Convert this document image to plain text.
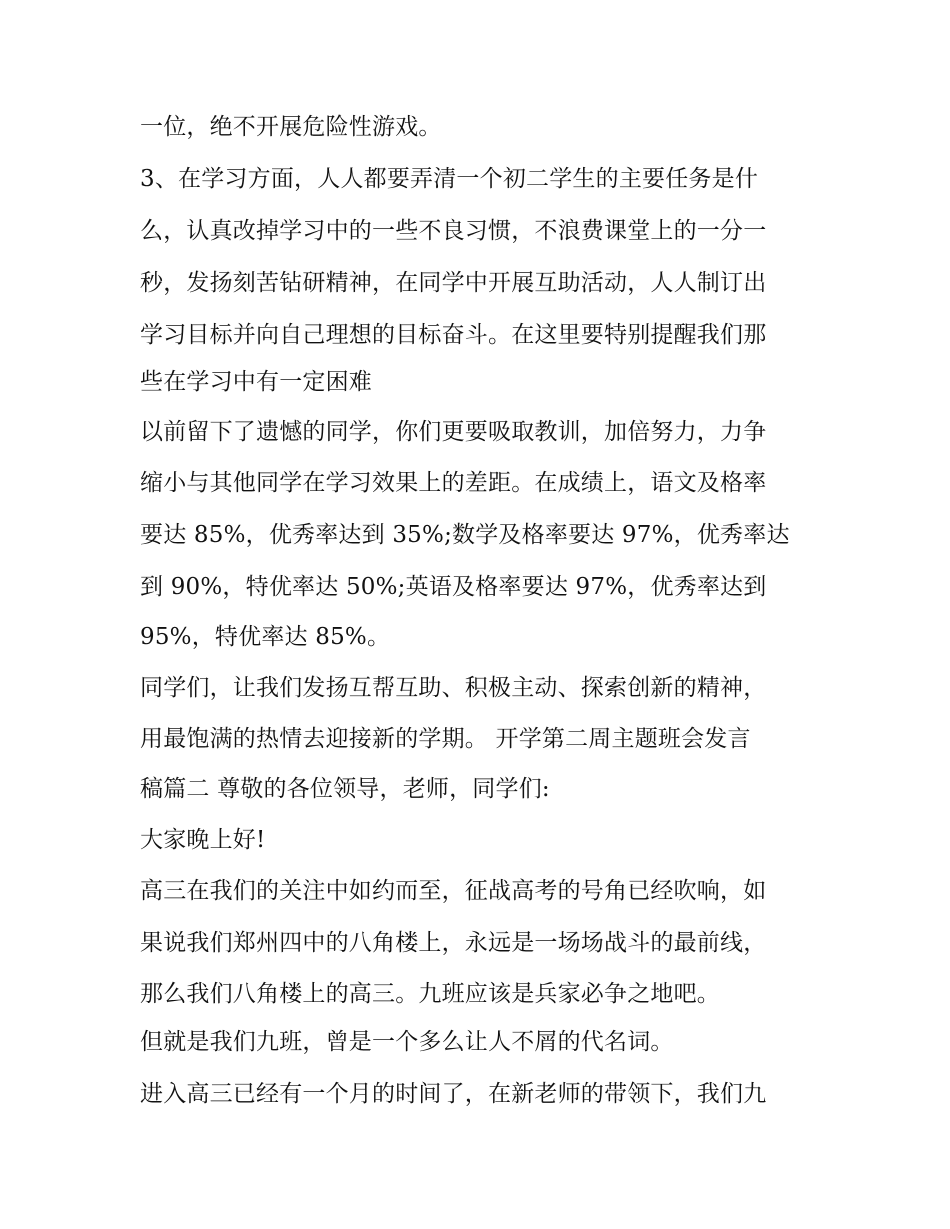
一位，绝不开展危险性游戏。
3、在学习方面，人人都要弄清一个初二学生的主要任务是什
么，认真改掉学习中的一些不良习惯，不浪费课堂上的一分一
秒，发扬刻苦钻研精神，在同学中开展互助活动，人人制订出
学习目标并向自己理想的目标奋斗。在这里要特别提醒我们那
些在学习中有一定困难
以前留下了遗憾的同学，你们更要吸取教训，加倍努力，力争
缩小与其他同学在学习效果上的差距。在成绩上，语文及格率
要达 85%，优秀率达到 35%;数学及格率要达 97%，优秀率达
到 90%，特优率达 50%;英语及格率要达 97%，优秀率达到
95%，特优率达 85%。
同学们，让我们发扬互帮互助、积极主动、探索创新的精神，
用最饱满的热情去迎接新的学期。 开学第二周主题班会发言
稿篇二 尊敬的各位领导，老师，同学们:
大家晚上好!
高三在我们的关注中如约而至，征战高考的号角已经吹响，如
果说我们郑州四中的八角楼上，永远是一场场战斗的最前线，
那么我们八角楼上的高三。九班应该是兵家必争之地吧。
但就是我们九班，曾是一个多么让人不屑的代名词。
进入高三已经有一个月的时间了，在新老师的带领下，我们九
